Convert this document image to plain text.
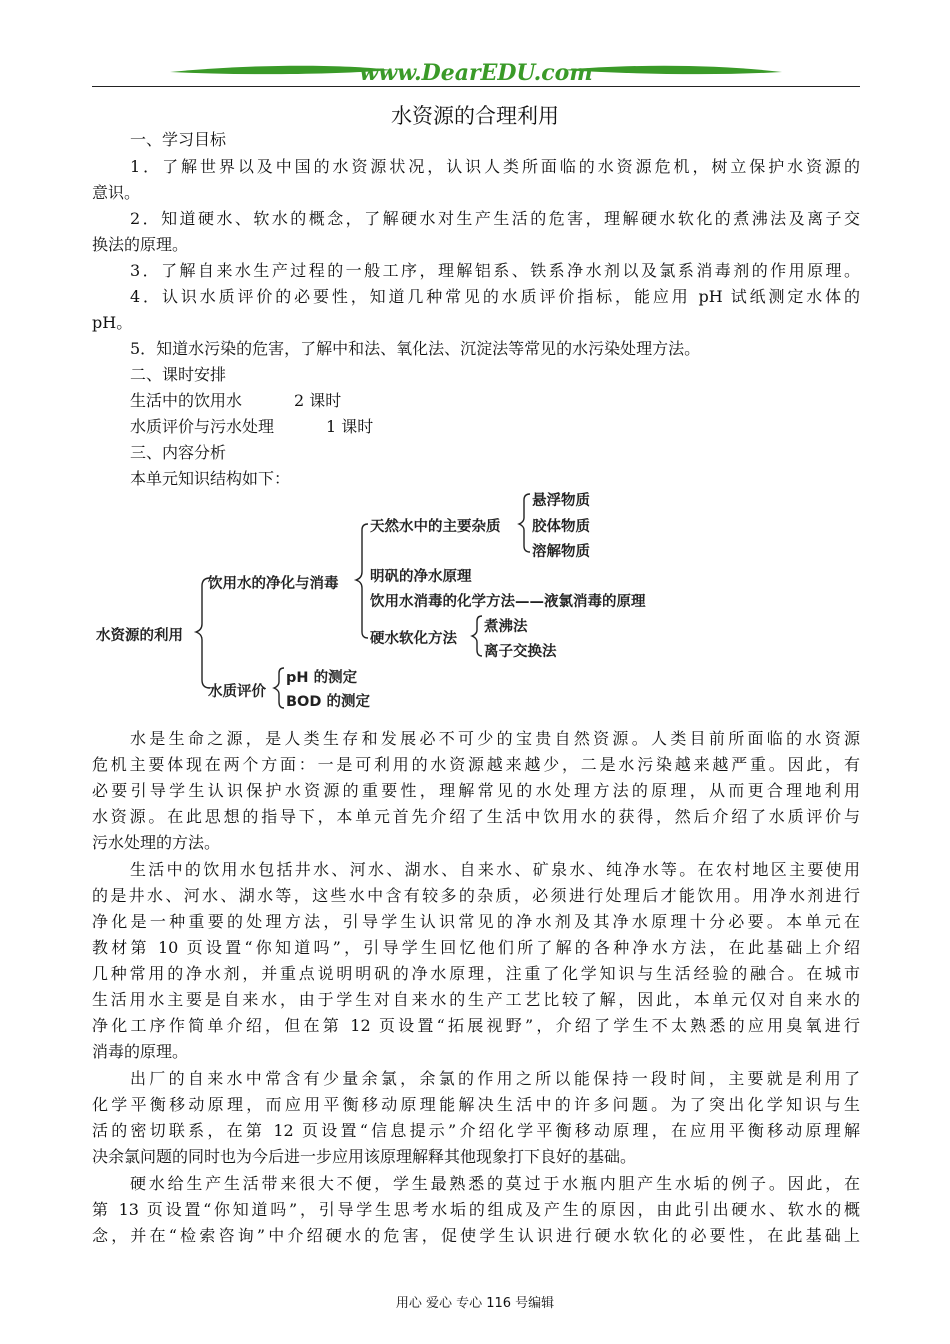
www.DearEDU.com
水资源的合理利用
一、学习目标
1．了解世界以及中国的水资源状况，认识人类所面临的水资源危机，树立保护水资源的
意识。
2．知道硬水、软水的概念，了解硬水对生产生活的危害，理解硬水软化的煮沸法及离子交
换法的原理。
3．了解自来水生产过程的一般工序，理解铝系、铁系净水剂以及氯系消毒剂的作用原理。
4．认识水质评价的必要性，知道几种常见的水质评价指标，能应用 pH 试纸测定水体的
pH。
5．知道水污染的危害，了解中和法、氧化法、沉淀法等常见的水污染处理方法。
二、课时安排
生活中的饮用水	2 课时
水质评价与污水处理	1 课时
三、内容分析
本单元知识结构如下：
水资源的利用
饮用水的净化与消毒
水质评价
天然水中的主要杂质
悬浮物质
胶体物质
溶解物质
明矾的净水原理
饮用水消毒的化学方法——液氯消毒的原理
硬水软化方法
煮沸法
离子交换法
pH 的测定
BOD 的测定
水是生命之源，是人类生存和发展必不可少的宝贵自然资源。人类目前所面临的水资源
危机主要体现在两个方面：一是可利用的水资源越来越少，二是水污染越来越严重。因此，有
必要引导学生认识保护水资源的重要性，理解常见的水处理方法的原理，从而更合理地利用
水资源。在此思想的指导下，本单元首先介绍了生活中饮用水的获得，然后介绍了水质评价与
污水处理的方法。
生活中的饮用水包括井水、河水、湖水、自来水、矿泉水、纯净水等。在农村地区主要使用
的是井水、河水、湖水等，这些水中含有较多的杂质，必须进行处理后才能饮用。用净水剂进行
净化是一种重要的处理方法，引导学生认识常见的净水剂及其净水原理十分必要。本单元在
教材第 10 页设置“你知道吗”，引导学生回忆他们所了解的各种净水方法，在此基础上介绍
几种常用的净水剂，并重点说明明矾的净水原理，注重了化学知识与生活经验的融合。在城市
生活用水主要是自来水，由于学生对自来水的生产工艺比较了解，因此，本单元仅对自来水的
净化工序作简单介绍，但在第 12 页设置“拓展视野”，介绍了学生不太熟悉的应用臭氧进行
消毒的原理。
出厂的自来水中常含有少量余氯，余氯的作用之所以能保持一段时间，主要就是利用了
化学平衡移动原理，而应用平衡移动原理能解决生活中的许多问题。为了突出化学知识与生
活的密切联系，在第 12 页设置“信息提示”介绍化学平衡移动原理，在应用平衡移动原理解
决余氯问题的同时也为今后进一步应用该原理解释其他现象打下良好的基础。
硬水给生产生活带来很大不便，学生最熟悉的莫过于水瓶内胆产生水垢的例子。因此，在
第 13 页设置“你知道吗”，引导学生思考水垢的组成及产生的原因，由此引出硬水、软水的概
念，并在“检索咨询”中介绍硬水的危害，促使学生认识进行硬水软化的必要性，在此基础上
用心 爱心 专心 116 号编辑
